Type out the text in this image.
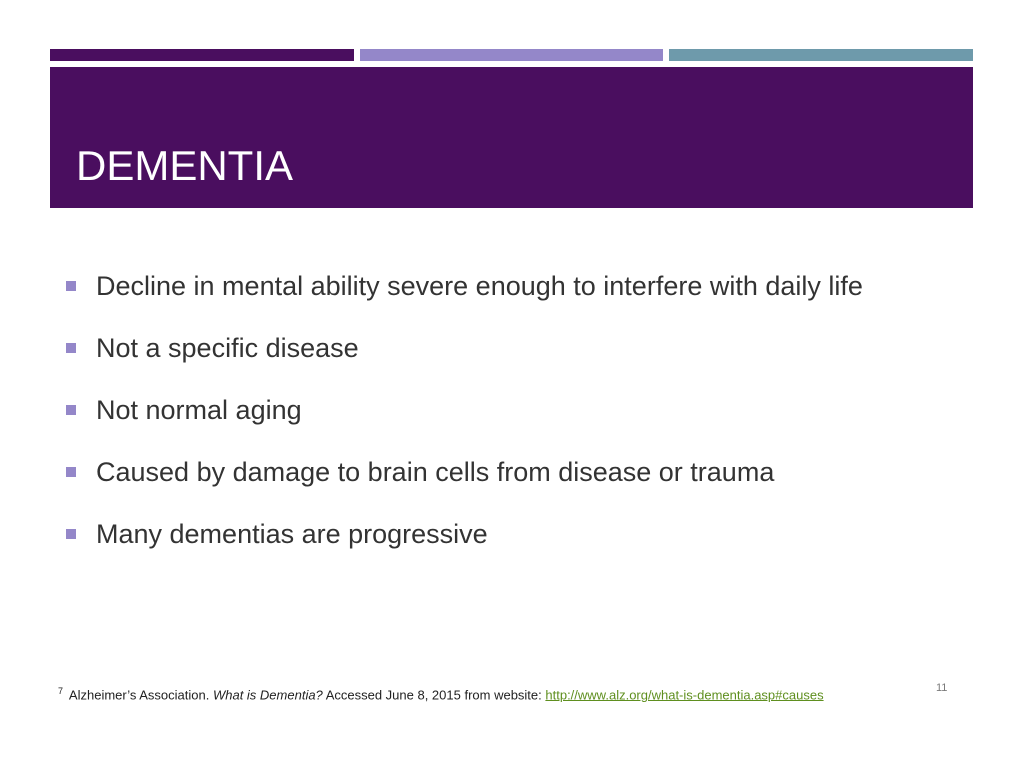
DEMENTIA
Decline in mental ability severe enough to interfere with daily life
Not a specific disease
Not normal aging
Caused by damage to brain cells from disease or trauma
Many dementias are progressive
$^7$ Alzheimer’s Association. What is Dementia? Accessed June 8, 2015 from website: http://www.alz.org/what-is-dementia.asp#causes	11
